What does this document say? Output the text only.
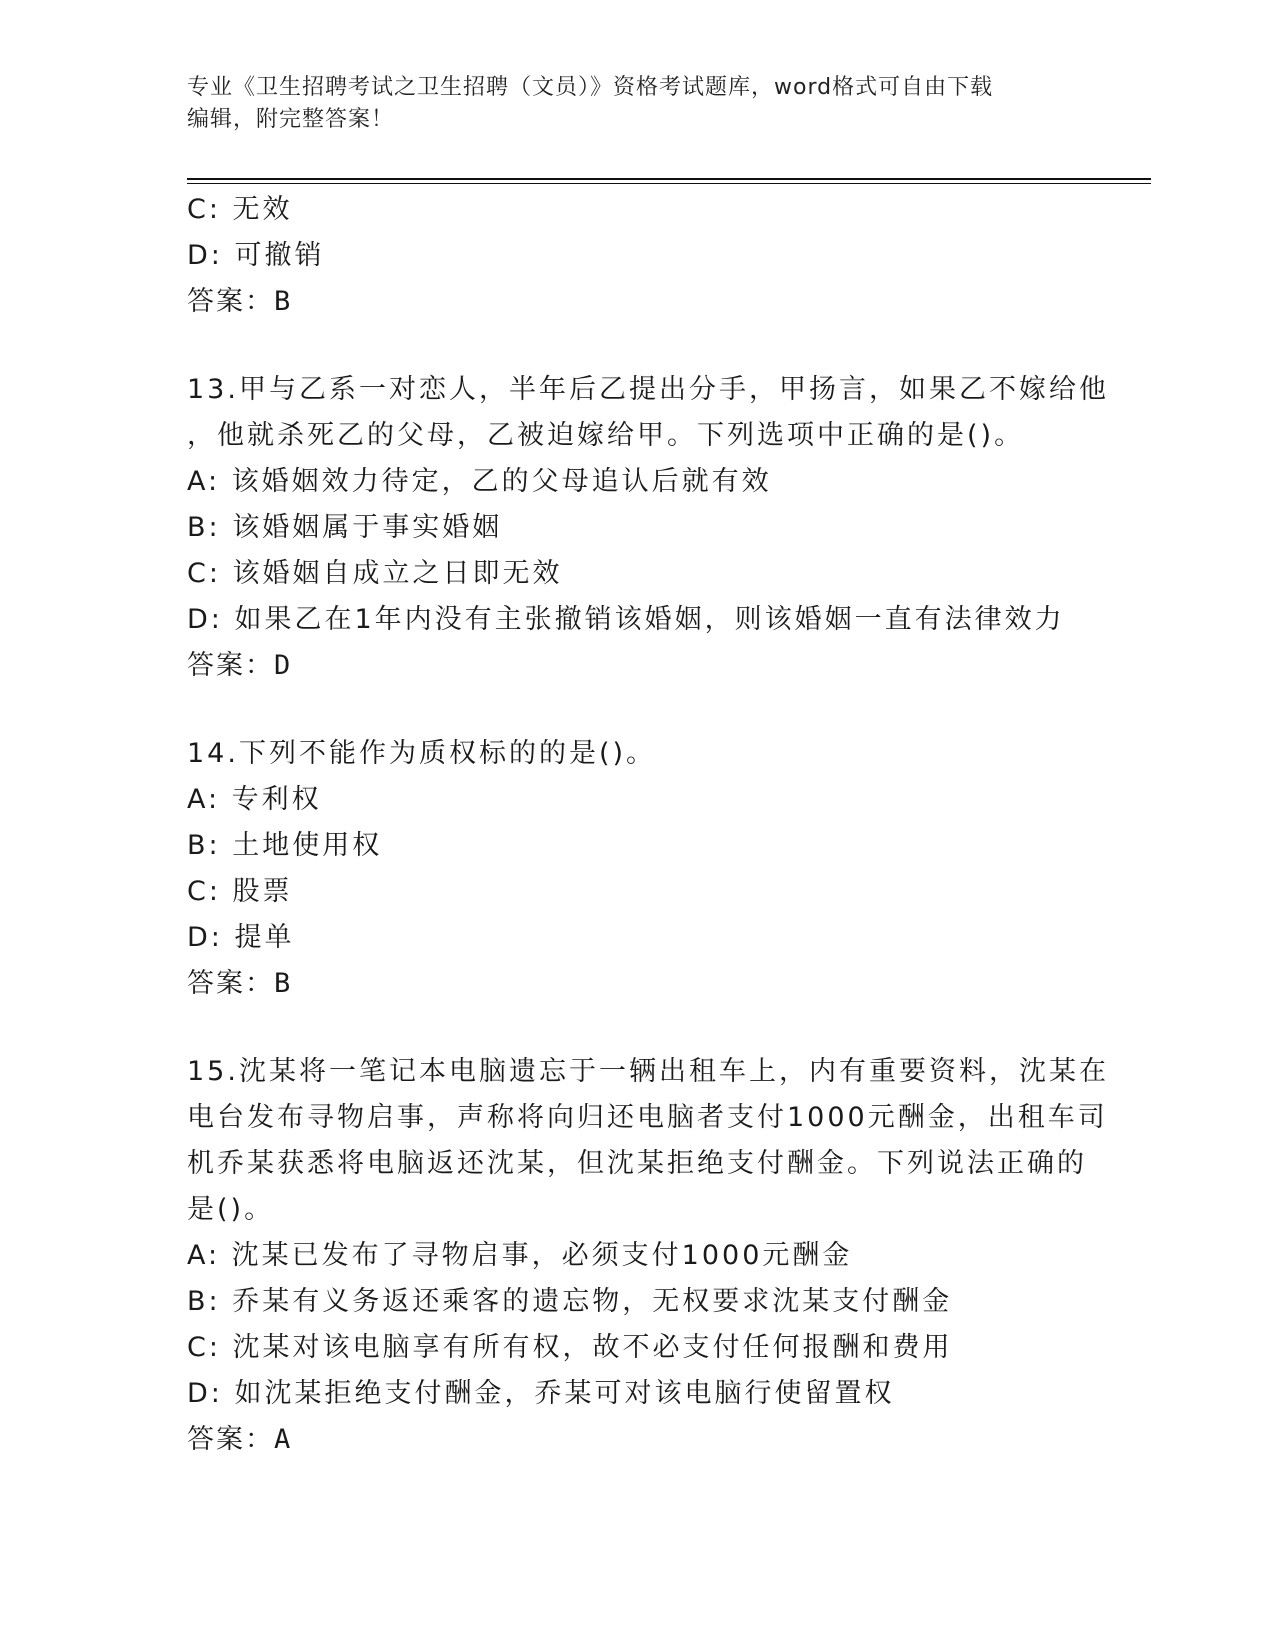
专业《卫生招聘考试之卫生招聘（文员）》资格考试题库，word格式可自由下载
编辑，附完整答案！
C: 无效
D: 可撤销
答案：B
13.甲与乙系一对恋人，半年后乙提出分手，甲扬言，如果乙不嫁给他
，他就杀死乙的父母，乙被迫嫁给甲。下列选项中正确的是()。
A: 该婚姻效力待定，乙的父母追认后就有效
B: 该婚姻属于事实婚姻
C: 该婚姻自成立之日即无效
D: 如果乙在1年内没有主张撤销该婚姻，则该婚姻一直有法律效力
答案：D
14.下列不能作为质权标的的是()。
A: 专利权
B: 土地使用权
C: 股票
D: 提单
答案：B
15.沈某将一笔记本电脑遗忘于一辆出租车上，内有重要资料，沈某在
电台发布寻物启事，声称将向归还电脑者支付1000元酬金，出租车司
机乔某获悉将电脑返还沈某，但沈某拒绝支付酬金。下列说法正确的
是()。
A: 沈某已发布了寻物启事，必须支付1000元酬金
B: 乔某有义务返还乘客的遗忘物，无权要求沈某支付酬金
C: 沈某对该电脑享有所有权，故不必支付任何报酬和费用
D: 如沈某拒绝支付酬金，乔某可对该电脑行使留置权
答案：A
